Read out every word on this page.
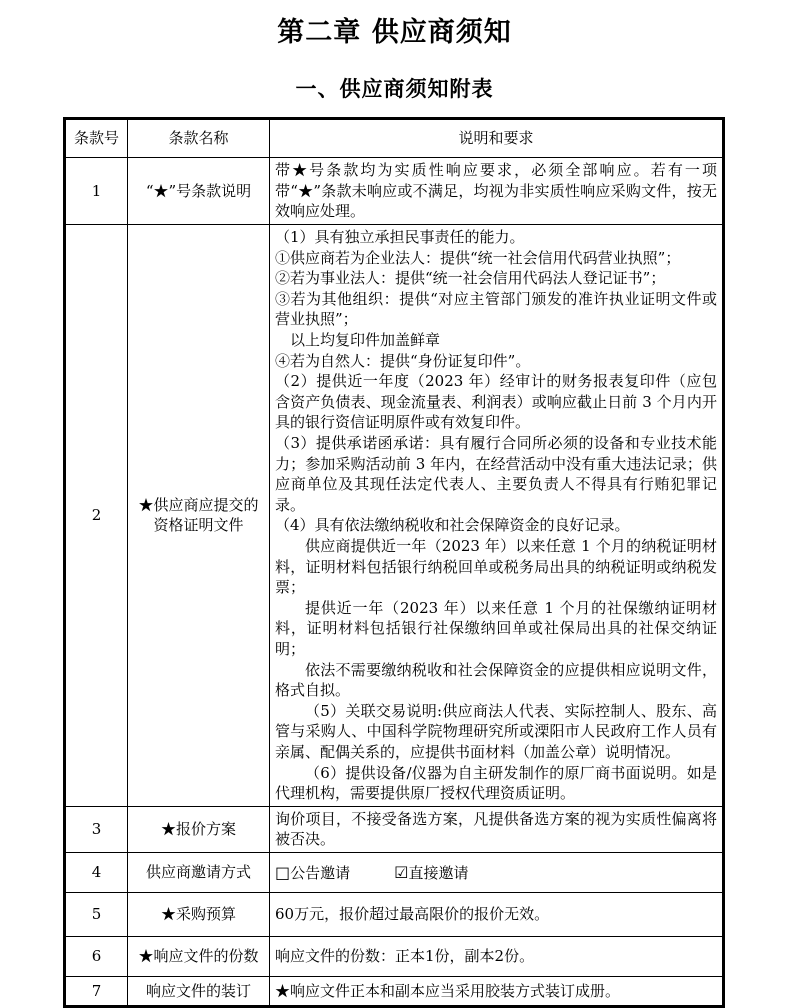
第二章 供应商须知
一、供应商须知附表
条款号	条款名称	说明和要求
1	“★”号条款说明	带★号条款均为实质性响应要求，必须全部响应。若有一项带“★”条款未响应或不满足，均视为非实质性响应采购文件，按无效响应处理。
2	★供应商应提交的资格证明文件	

（1）具有独立承担民事责任的能力。

①供应商若为企业法人：提供“统一社会信用代码营业执照”；

②若为事业法人：提供“统一社会信用代码法人登记证书”；

③若为其他组织：提供“对应主管部门颁发的准许执业证明文件或营业执照”；

以上均复印件加盖鲜章

④若为自然人：提供“身份证复印件”。

（2）提供近一年度（2023 年）经审计的财务报表复印件（应包含资产负债表、现金流量表、利润表）或响应截止日前 3 个月内开具的银行资信证明原件或有效复印件。

（3）提供承诺函承诺：具有履行合同所必须的设备和专业技术能力；参加采购活动前 3 年内，在经营活动中没有重大违法记录；供应商单位及其现任法定代表人、主要负责人不得具有行贿犯罪记录。

（4）具有依法缴纳税收和社会保障资金的良好记录。

供应商提供近一年（2023 年）以来任意 1 个月的纳税证明材料，证明材料包括银行纳税回单或税务局出具的纳税证明或纳税发票；

提供近一年（2023 年）以来任意 1 个月的社保缴纳证明材料，证明材料包括银行社保缴纳回单或社保局出具的社保交纳证明；

依法不需要缴纳税收和社会保障资金的应提供相应说明文件，格式自拟。

（5）关联交易说明:供应商法人代表、实际控制人、股东、高管与采购人、中国科学院物理研究所或溧阳市人民政府工作人员有亲属、配偶关系的，应提供书面材料（加盖公章）说明情况。

（6）提供设备/仪器为自主研发制作的原厂商书面说明。如是代理机构，需要提供原厂授权代理资质证明。

3	★报价方案	询价项目，不接受备选方案，凡提供备选方案的视为实质性偏离将被否决。
4	供应商邀请方式	□公告邀请 ☑直接邀请
5	★采购预算	60万元，报价超过最高限价的报价无效。
6	★响应文件的份数	响应文件的份数：正本1份，副本2份。
7	响应文件的装订	★响应文件正本和副本应当采用胶装方式装订成册。
